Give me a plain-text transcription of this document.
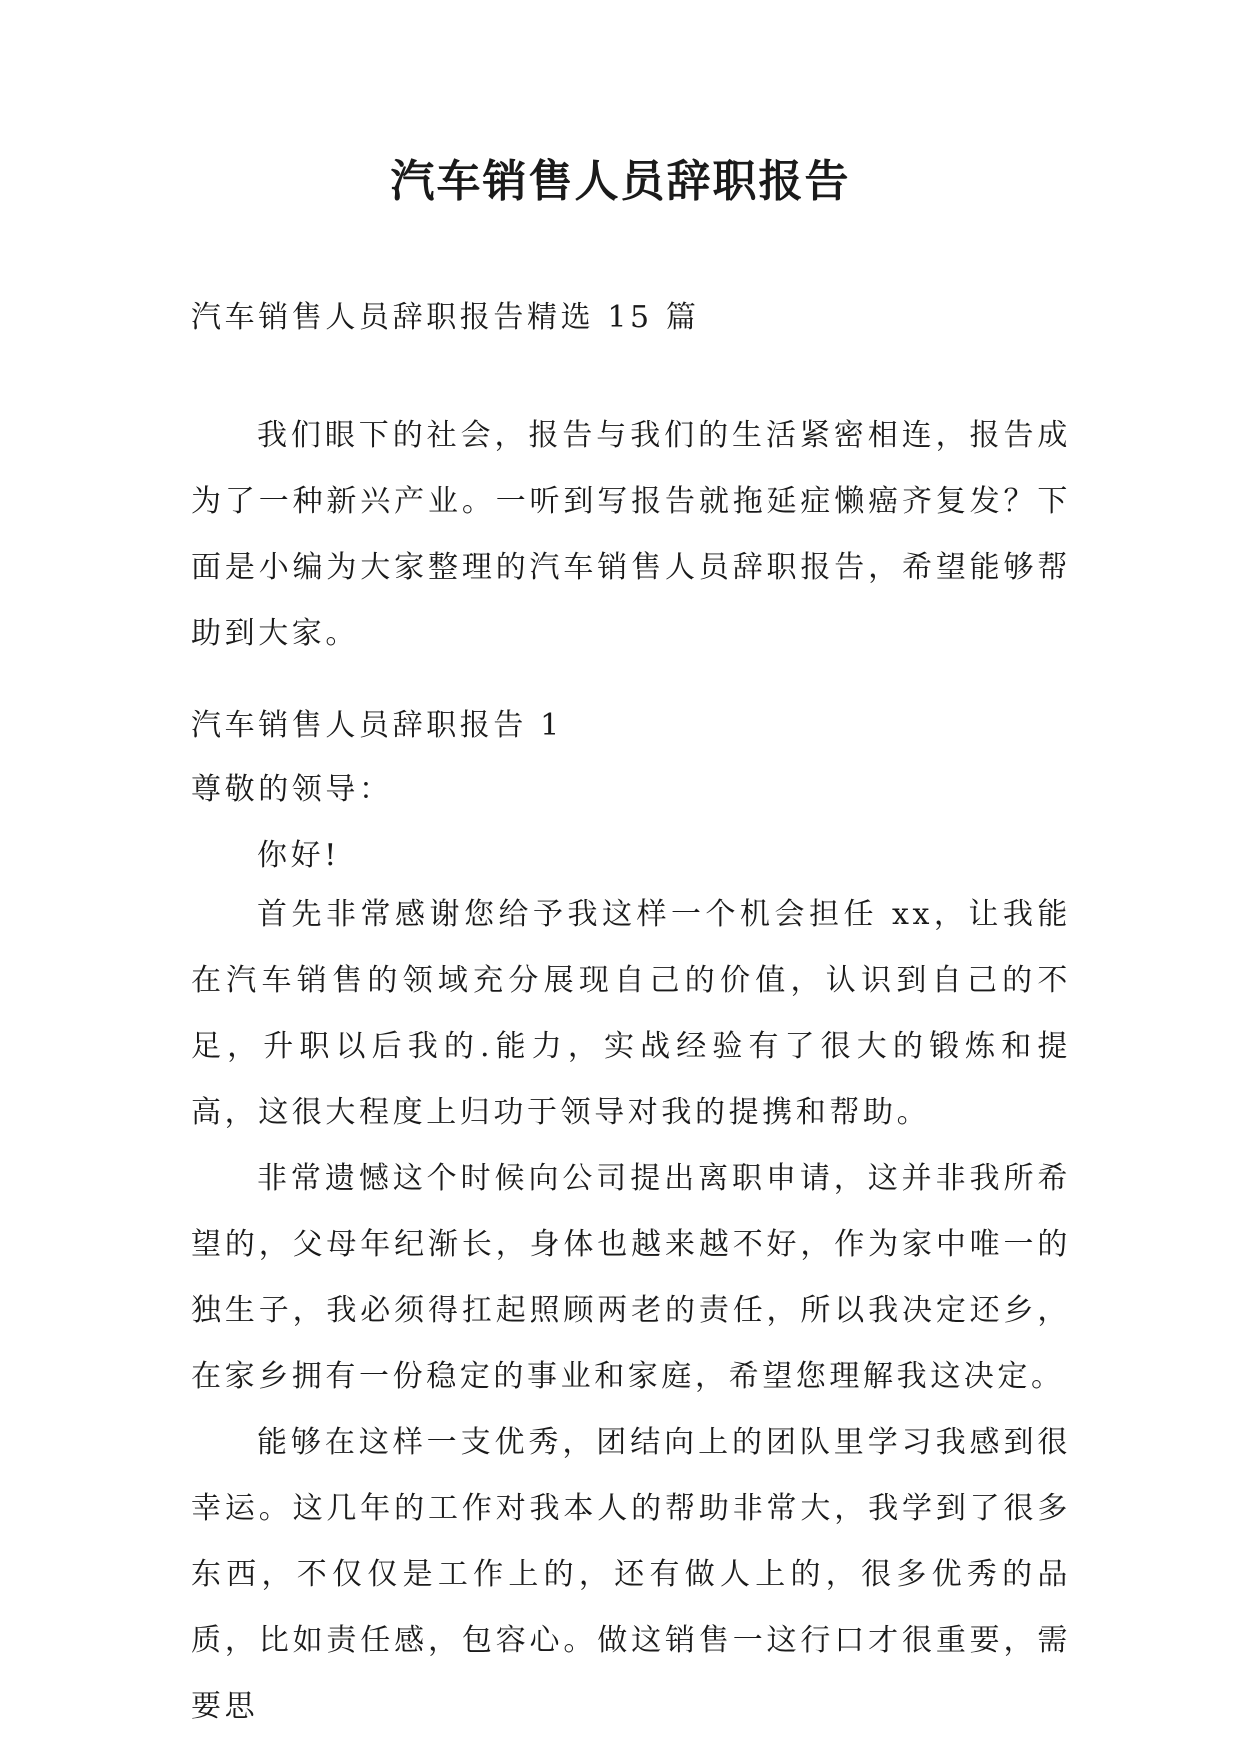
汽车销售人员辞职报告

汽车销售人员辞职报告精选 15 篇

我们眼下的社会，报告与我们的生活紧密相连，报告成为了一种新兴产业。一听到写报告就拖延症懒癌齐复发？下面是小编为大家整理的汽车销售人员辞职报告，希望能够帮助到大家。

汽车销售人员辞职报告 1

尊敬的领导：

你好!

首先非常感谢您给予我这样一个机会担任 xx，让我能在汽车销售的领域充分展现自己的价值，认识到自己的不足，升职以后我的.能力，实战经验有了很大的锻炼和提高，这很大程度上归功于领导对我的提携和帮助。

非常遗憾这个时候向公司提出离职申请，这并非我所希望的，父母年纪渐长，身体也越来越不好，作为家中唯一的独生子，我必须得扛起照顾两老的责任，所以我决定还乡，在家乡拥有一份稳定的事业和家庭，希望您理解我这决定。

能够在这样一支优秀，团结向上的团队里学习我感到很幸运。这几年的工作对我本人的帮助非常大，我学到了很多东西，不仅仅是工作上的，还有做人上的，很多优秀的品质，比如责任感，包容心。做这销售一这行口才很重要，需要思
